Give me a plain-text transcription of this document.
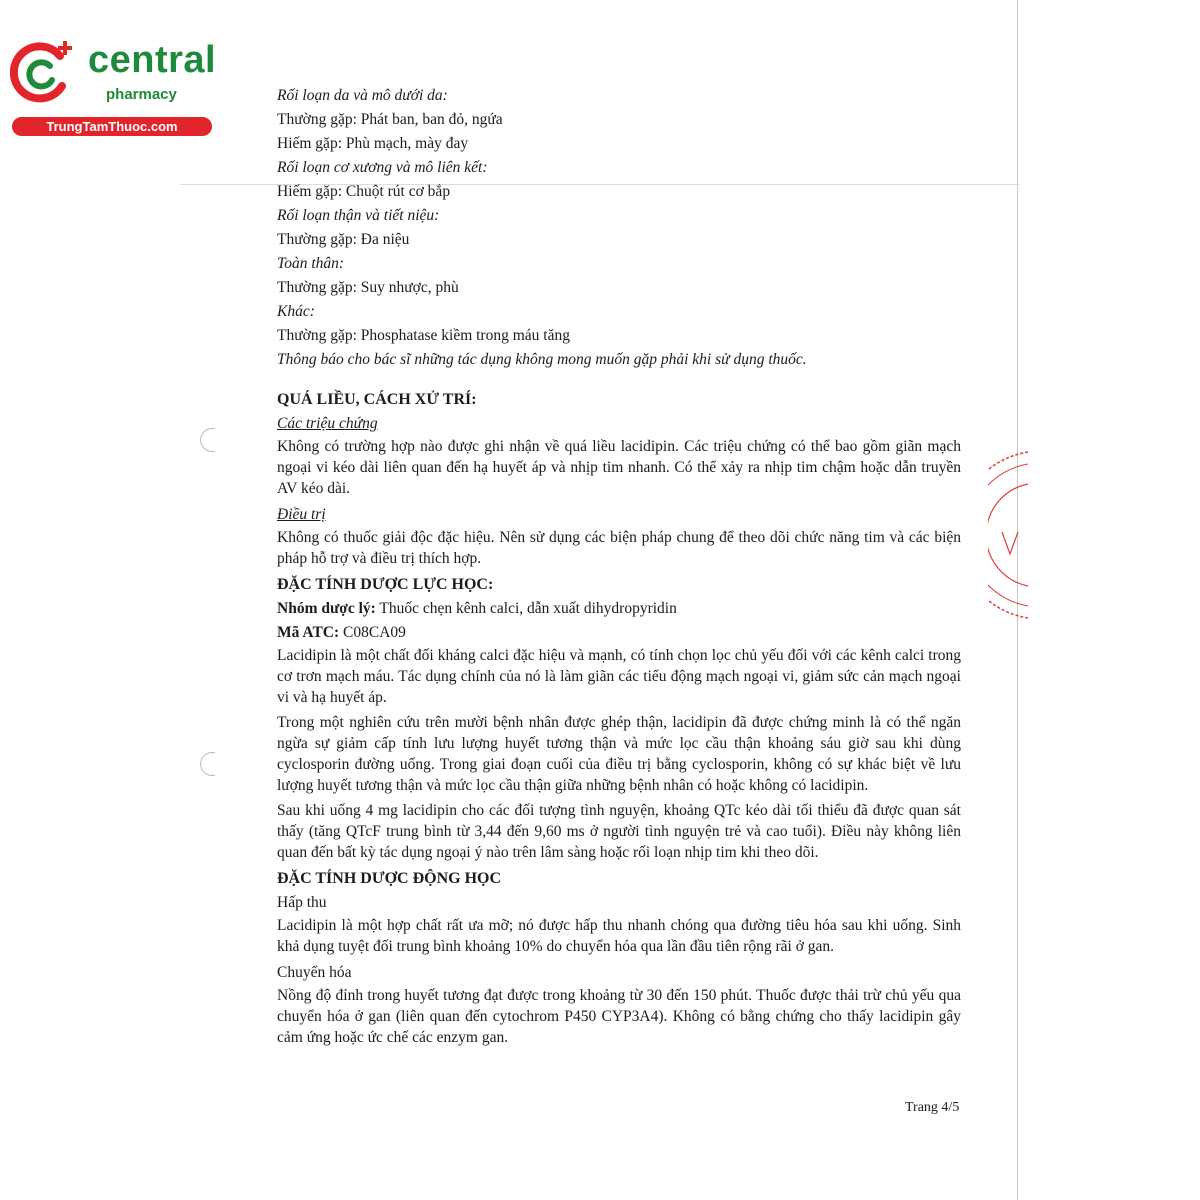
central
pharmacy
TrungTamThuoc.com

Rối loạn da và mô dưới da:

Thường gặp: Phát ban, ban đỏ, ngứa

Hiếm gặp: Phù mạch, mày đay

Rối loạn cơ xương và mô liên kết:

Hiếm gặp: Chuột rút cơ bắp

Rối loạn thận và tiết niệu:

Thường gặp: Đa niệu

Toàn thân:

Thường gặp: Suy nhược, phù

Khác:

Thường gặp: Phosphatase kiềm trong máu tăng

Thông báo cho bác sĩ những tác dụng không mong muốn gặp phải khi sử dụng thuốc.

QUÁ LIỀU, CÁCH XỬ TRÍ:

Các triệu chứng

Không có trường hợp nào được ghi nhận về quá liều lacidipin. Các triệu chứng có thể bao gồm giãn mạch ngoại vi kéo dài liên quan đến hạ huyết áp và nhịp tim nhanh. Có thể xảy ra nhịp tim chậm hoặc dẫn truyền AV kéo dài.

Điều trị

Không có thuốc giải độc đặc hiệu. Nên sử dụng các biện pháp chung để theo dõi chức năng tim và các biện pháp hỗ trợ và điều trị thích hợp.

ĐẶC TÍNH DƯỢC LỰC HỌC:

Nhóm dược lý: Thuốc chẹn kênh calci, dẫn xuất dihydropyridin

Mã ATC: C08CA09

Lacidipin là một chất đối kháng calci đặc hiệu và mạnh, có tính chọn lọc chủ yếu đối với các kênh calci trong cơ trơn mạch máu. Tác dụng chính của nó là làm giãn các tiểu động mạch ngoại vi, giảm sức cản mạch ngoại vi và hạ huyết áp.

Trong một nghiên cứu trên mười bệnh nhân được ghép thận, lacidipin đã được chứng minh là có thể ngăn ngừa sự giảm cấp tính lưu lượng huyết tương thận và mức lọc cầu thận khoảng sáu giờ sau khi dùng cyclosporin đường uống. Trong giai đoạn cuối của điều trị bằng cyclosporin, không có sự khác biệt về lưu lượng huyết tương thận và mức lọc cầu thận giữa những bệnh nhân có hoặc không có lacidipin.

Sau khi uống 4 mg lacidipin cho các đối tượng tình nguyện, khoảng QTc kéo dài tối thiểu đã được quan sát thấy (tăng QTcF trung bình từ 3,44 đến 9,60 ms ở người tình nguyện trẻ và cao tuổi). Điều này không liên quan đến bất kỳ tác dụng ngoại ý nào trên lâm sàng hoặc rối loạn nhịp tim khi theo dõi.

ĐẶC TÍNH DƯỢC ĐỘNG HỌC

Hấp thu

Lacidipin là một hợp chất rất ưa mỡ; nó được hấp thu nhanh chóng qua đường tiêu hóa sau khi uống. Sinh khả dụng tuyệt đối trung bình khoảng 10% do chuyển hóa qua lần đầu tiên rộng rãi ở gan.

Chuyển hóa

Nồng độ đỉnh trong huyết tương đạt được trong khoảng từ 30 đến 150 phút. Thuốc được thải trừ chủ yếu qua chuyển hóa ở gan (liên quan đến cytochrom P450 CYP3A4). Không có bằng chứng cho thấy lacidipin gây cảm ứng hoặc ức chế các enzym gan.

Trang 4/5
